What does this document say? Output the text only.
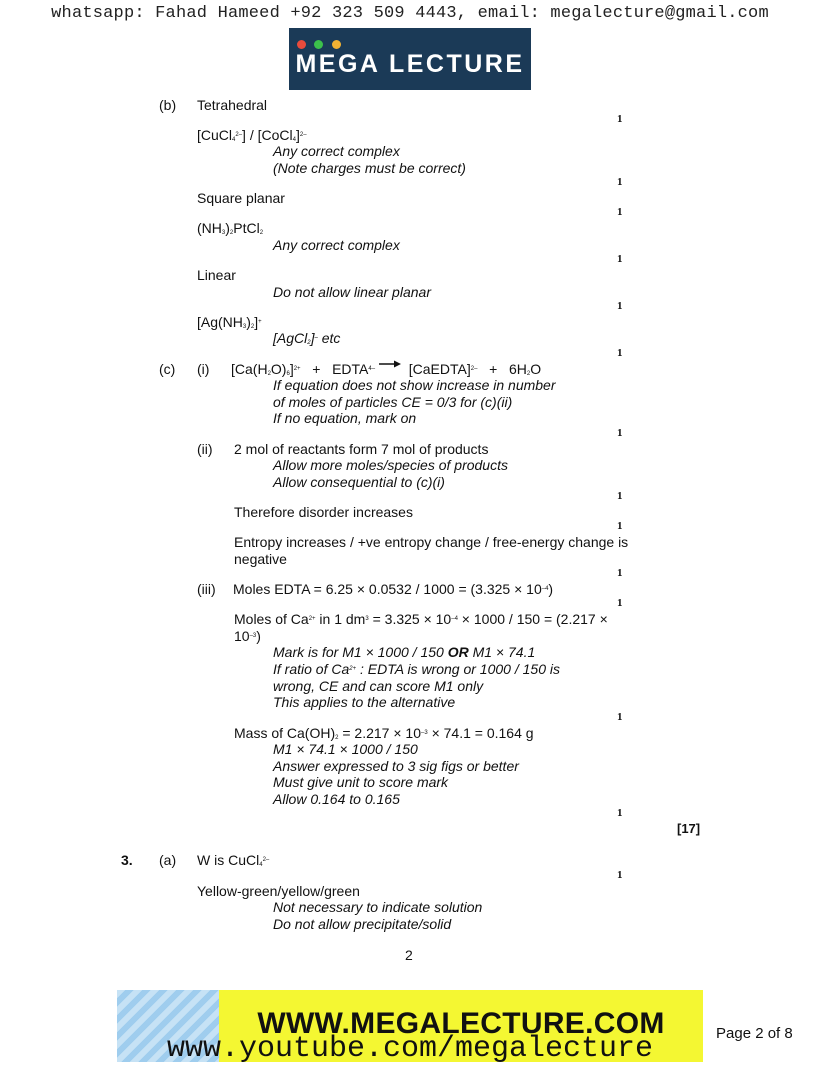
whatsapp: Fahad Hameed +92 323 509 4443, email: megalecture@gmail.com

MEGA LECTURE
(b) Tetrahedral
1
[CuCl$_4^{2-}$] / [CoCl$_4$]$^{2-}$
Any correct complex
(Note charges must be correct)
1
Square planar
1
$(NH_3)_2PtCl_2$
Any correct complex
1
Linear
Do not allow linear planar
1
$[Ag(NH_3)_2]^+$
[AgCl$_2$]– etc
1
(c) (i) $[Ca(H_2O)_6]^{2+}$ + $EDTA^{4-}$ [CaEDTA]$^{2-}$ + $6H_2O$
If equation does not show increase in number
of moles of particles CE = 0/3 for (c)(ii)
If no equation, mark on
1
(ii) 2 mol of reactants form 7 mol of products
Allow more moles/species of products
Allow consequential to (c)(i)
1
Therefore disorder increases
1
Entropy increases / +ve entropy change / free-energy change is
negative
1
(iii) Moles EDTA = $6.25 \times 0.0532 / 1000 = (3.325 \times 10^{-4})$
1
Moles of $Ca^{2+}$ in 1 $dm^3 = 3.325 \times 10^{-4} \times 1000 / 150 = (2.217$ ×
$10^{-3}$)
Mark is for M1 × 1000 / 150 OR M1 × 74.1
If ratio of $Ca^{2+}$ : EDTA is wrong or 1000 / 150 is
wrong, CE and can score M1 only
This applies to the alternative
1
Mass of $Ca(OH)_2 = 2.217 \times 10^{-3} \times 74.1 = 0.164$ g
M1 × 74.1 × 1000 / 150
Answer expressed to 3 sig figs or better
Must give unit to score mark
Allow 0.164 to 0.165
1
[17]
3. (a) W is CuCl$_4^{2-}$
1
Yellow-green/yellow/green
Not necessary to indicate solution
Do not allow precipitate/solid
2
WWW.MEGALECTURE.COM
www.youtube.com/megalecture	Page 2 of 8
